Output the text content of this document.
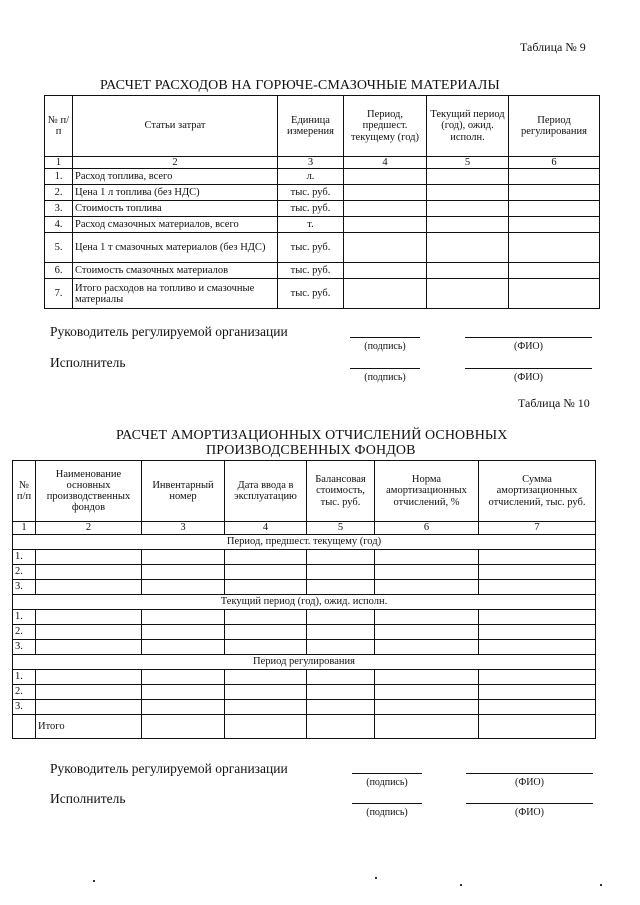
Таблица № 9
РАСЧЕТ РАСХОДОВ НА ГОРЮЧЕ-СМАЗОЧНЫЕ МАТЕРИАЛЫ
№ п/п	Статьи затрат	Единица измерения	Период, предшест. текущему (год)	Текущий период (год), ожид. исполн.	Период регулирования
1	2	3	4	5	6
1.	Расход топлива, всего	л.			
2.	Цена 1 л топлива (без НДС)	тыс. руб.			
3.	Стоимость топлива	тыс. руб.			
4.	Расход смазочных материалов, всего	т.			
5.	Цена 1 т смазочных материалов (без НДС)	тыс. руб.			
6.	Стоимость смазочных материалов	тыс. руб.			
7.	Итого расходов на топливо и смазочные материалы	тыс. руб.			
Руководитель регулируемой организации
(подпись)	(ФИО)
Исполнитель
(подпись)	(ФИО)
Таблица № 10
РАСЧЕТ АМОРТИЗАЦИОННЫХ ОТЧИСЛЕНИЙ ОСНОВНЫХ
ПРОИЗВОДСВЕННЫХ ФОНДОВ
№ п/п	Наименование основных производственных фондов	Инвентарный номер	Дата ввода в эксплуатацию	Балансовая стоимость, тыс. руб.	Норма амортизационных отчислений, %	Сумма амортизационных отчислений, тыс. руб.
1	2	3	4	5	6	7
Период, предшест. текущему (год)						
1.						
2.						
3.						
Текущий период (год), ожид. исполн.						
1.						
2.						
3.						
Период регулирования						
1.						
2.						
3.						
	Итого					
Руководитель регулируемой организации
(подпись)	(ФИО)
Исполнитель
(подпись)	(ФИО)
